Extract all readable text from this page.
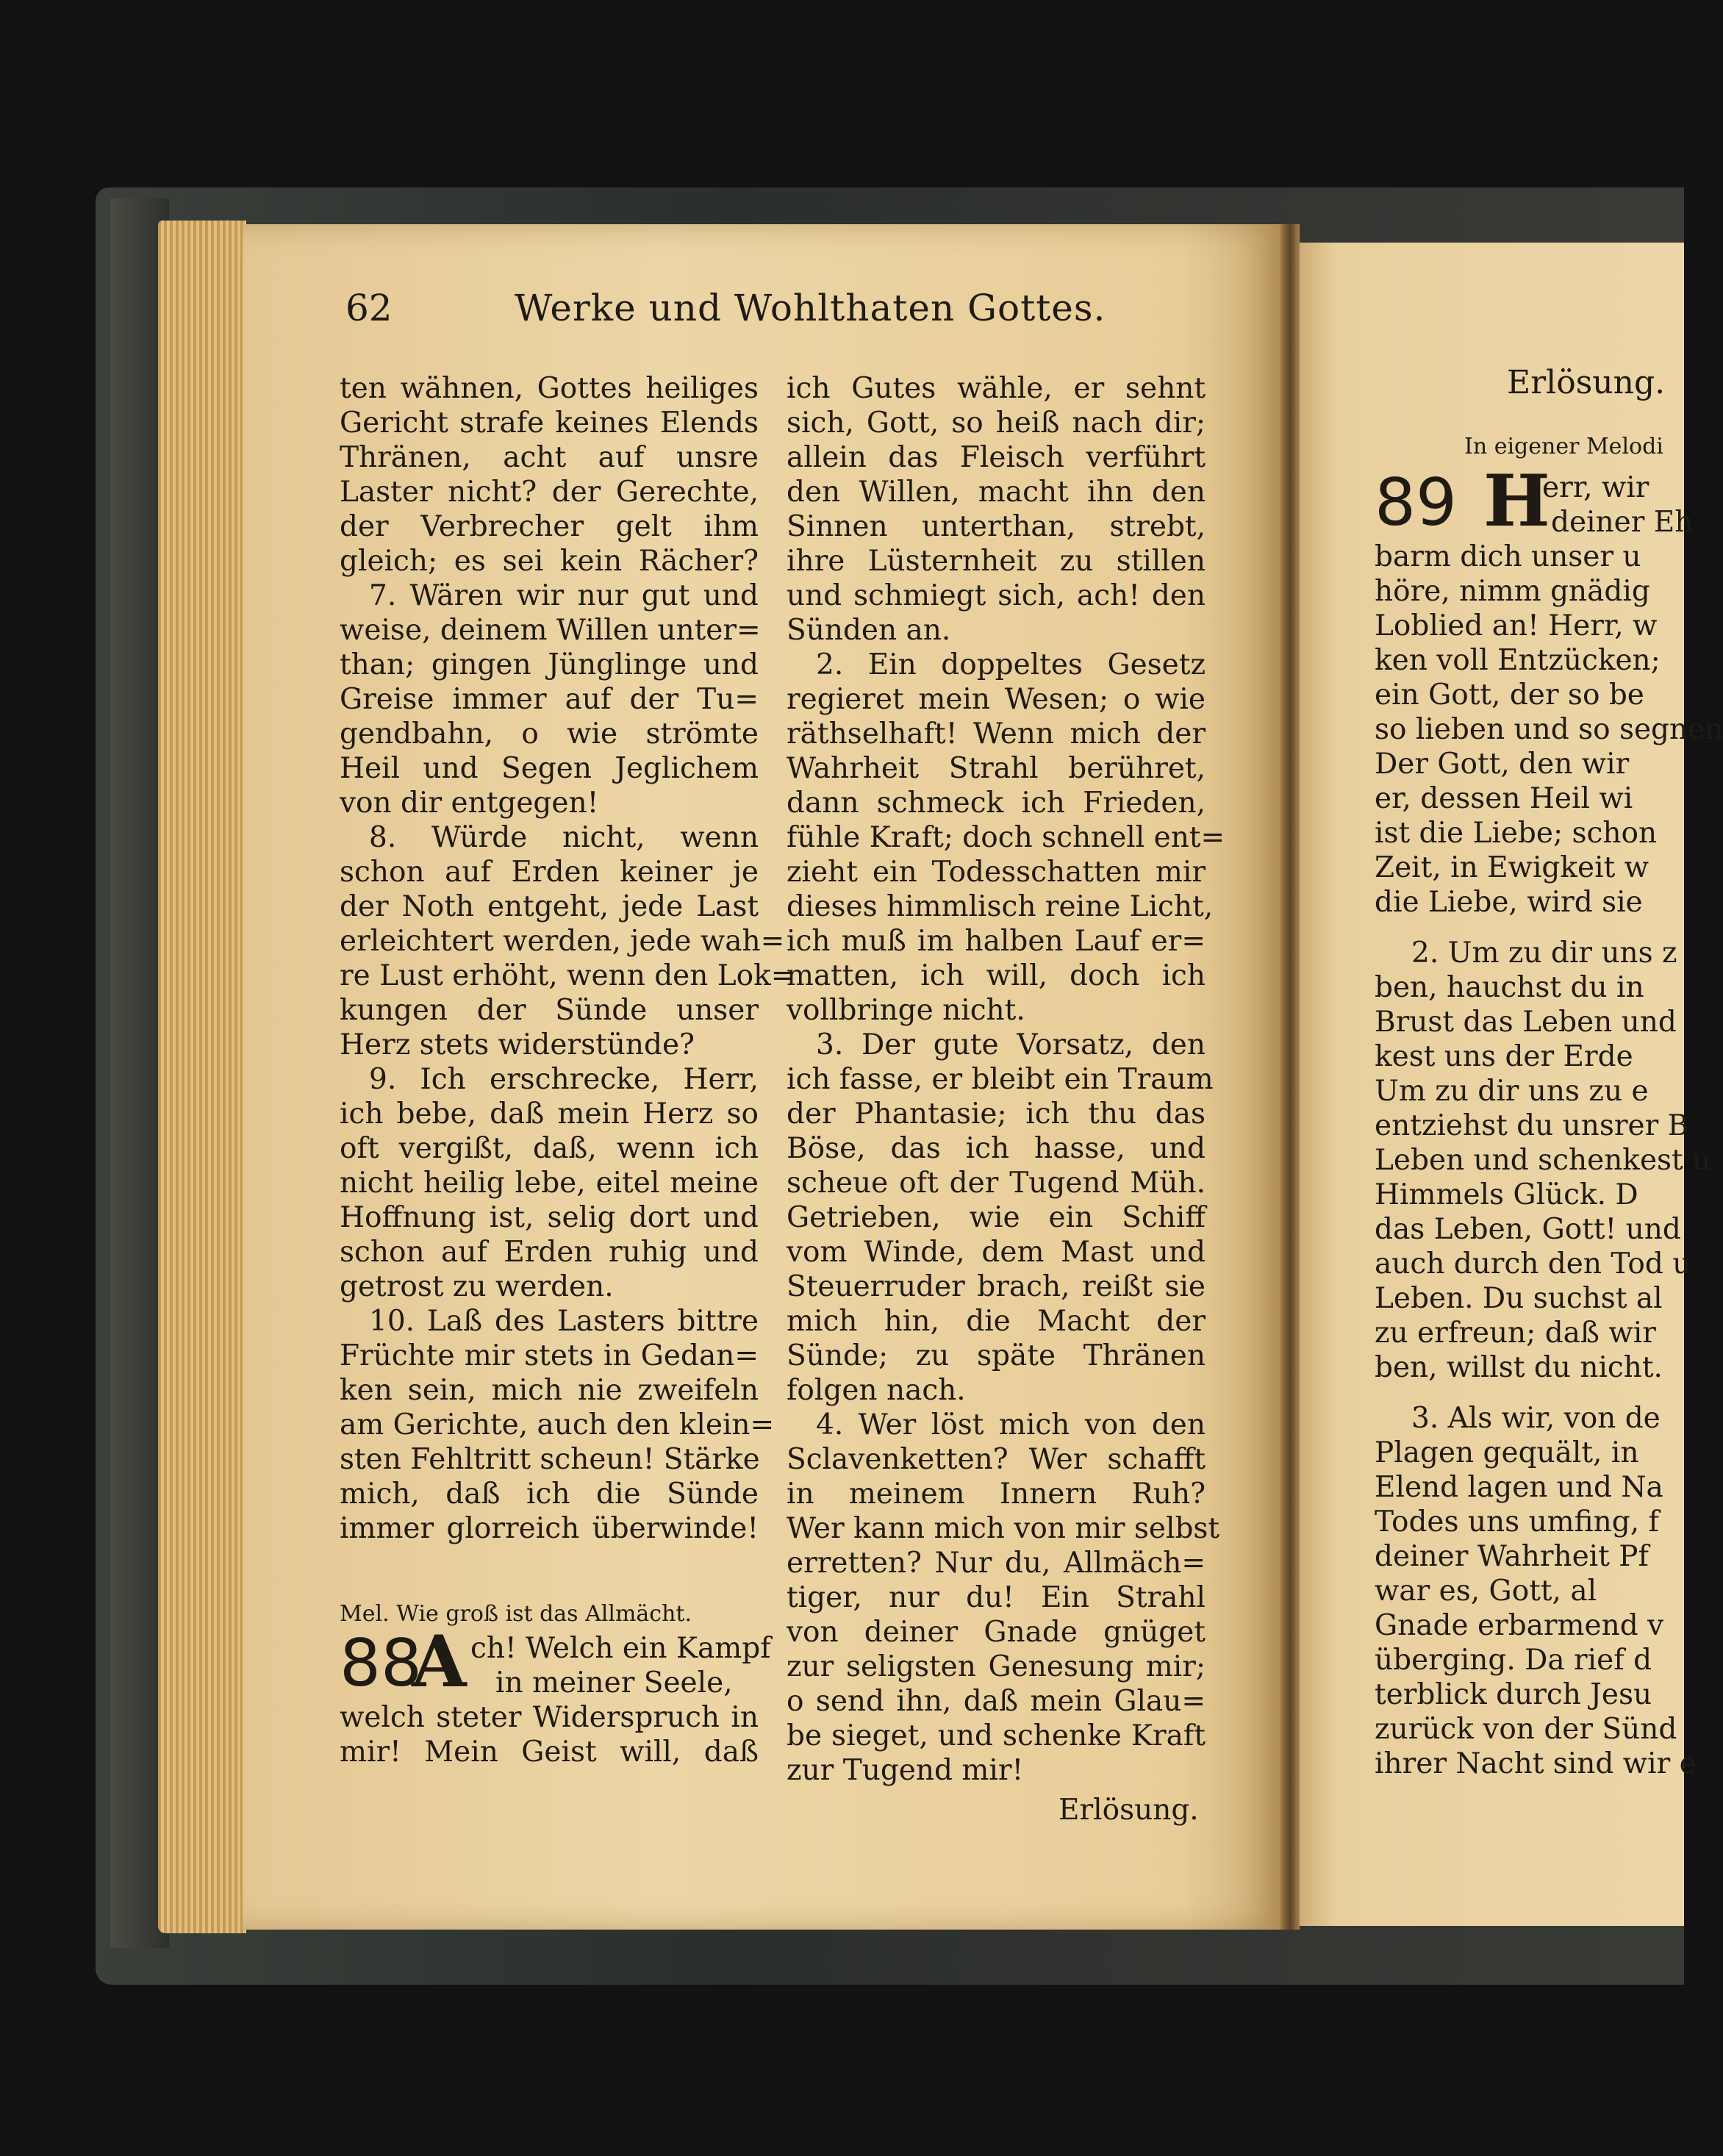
62	Werke und Wohlthaten Gottes.
ten wähnen, Gottes heiliges
Gericht strafe keines Elends
Thränen, acht auf unsre
Laster nicht? der Gerechte,
der Verbrecher gelt ihm
gleich; es sei kein Rächer?
7. Wären wir nur gut und
weise, deinem Willen unter=
than; gingen Jünglinge und
Greise immer auf der Tu=
gendbahn, o wie strömte
Heil und Segen Jeglichem
von dir entgegen!
8. Würde nicht, wenn
schon auf Erden keiner je
der Noth entgeht, jede Last
erleichtert werden, jede wah=
re Lust erhöht, wenn den Lok=
kungen der Sünde unser
Herz stets widerstünde?
9. Ich erschrecke, Herr,
ich bebe, daß mein Herz so
oft vergißt, daß, wenn ich
nicht heilig lebe, eitel meine
Hoffnung ist, selig dort und
schon auf Erden ruhig und
getrost zu werden.
10. Laß des Lasters bittre
Früchte mir stets in Gedan=
ken sein, mich nie zweifeln
am Gerichte, auch den klein=
sten Fehltritt scheun! Stärke
mich, daß ich die Sünde
immer glorreich überwinde!
Mel. Wie groß ist das Allmächt.
88
A ch! Welch ein Kampf
in meiner Seele,
welch steter Widerspruch in
mir! Mein Geist will, daß
ich Gutes wähle, er sehnt
sich, Gott, so heiß nach dir;
allein das Fleisch verführt
den Willen, macht ihn den
Sinnen unterthan, strebt,
ihre Lüsternheit zu stillen
und schmiegt sich, ach! den
Sünden an.
2. Ein doppeltes Gesetz
regieret mein Wesen; o wie
räthselhaft! Wenn mich der
Wahrheit Strahl berühret,
dann schmeck ich Frieden,
fühle Kraft; doch schnell ent=
zieht ein Todesschatten mir
dieses himmlisch reine Licht,
ich muß im halben Lauf er=
matten, ich will, doch ich
vollbringe nicht.
3. Der gute Vorsatz, den
ich fasse, er bleibt ein Traum
der Phantasie; ich thu das
Böse, das ich hasse, und
scheue oft der Tugend Müh.
Getrieben, wie ein Schiff
vom Winde, dem Mast und
Steuerruder brach, reißt sie
mich hin, die Macht der
Sünde; zu späte Thränen
folgen nach.
4. Wer löst mich von den
Sclavenketten? Wer schafft
in meinem Innern Ruh?
Wer kann mich von mir selbst
erretten? Nur du, Allmäch=
tiger, nur du! Ein Strahl
von deiner Gnade gnüget
zur seligsten Genesung mir;
o send ihn, daß mein Glau=
be sieget, und schenke Kraft
zur Tugend mir!
Erlösung.
Erlösung.
In eigener Melodi
89 H
err, wir
deiner Eh
barm dich unser u
höre, nimm gnädig
Loblied an! Herr, w
ken voll Entzücken;
ein Gott, der so be
so lieben und so segnen
Der Gott, den wir
er, dessen Heil wi
ist die Liebe; schon
Zeit, in Ewigkeit w
die Liebe, wird sie
2. Um zu dir uns z
ben, hauchst du in
Brust das Leben und
kest uns der Erde
Um zu dir uns zu e
entziehst du unsrer B
Leben und schenkest u
Himmels Glück. D
das Leben, Gott! und
auch durch den Tod u
Leben. Du suchst al
zu erfreun; daß wir
ben, willst du nicht.
3. Als wir, von de
Plagen gequält, in
Elend lagen und Na
Todes uns umfing, f
deiner Wahrheit Pf
war es, Gott, al
Gnade erbarmend v
überging. Da rief d
terblick durch Jesu
zurück von der Sünd
ihrer Nacht sind wir e
